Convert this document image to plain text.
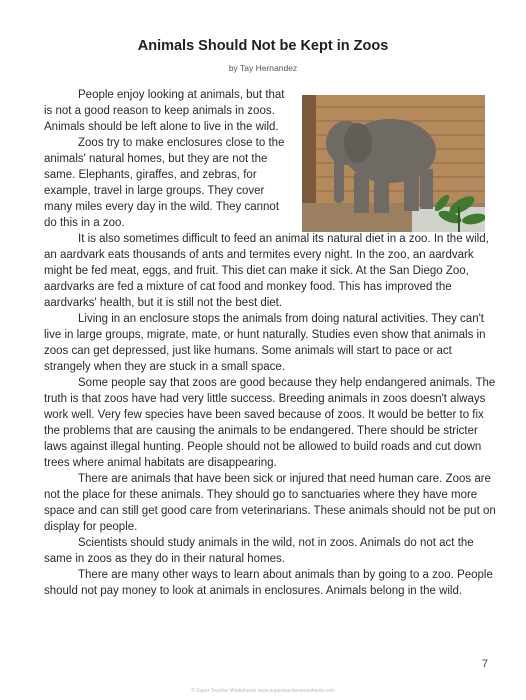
Animals Should Not be Kept in Zoos
by Tay Hernandez

People enjoy looking at animals, but that is not a good reason to keep animals in zoos. Animals should be left alone to live in the wild.

Zoos try to make enclosures close to the animals' natural homes, but they are not the same. Elephants, giraffes, and zebras, for example, travel in large groups. They cover many miles every day in the wild. They cannot do this in a zoo.

It is also sometimes difficult to feed an animal its natural diet in a zoo. In the wild, an aardvark eats thousands of ants and termites every night. In the zoo, an aardvark might be fed meat, eggs, and fruit. This diet can make it sick. At the San Diego Zoo, aardvarks are fed a mixture of cat food and monkey food. This has improved the aardvarks' health, but it is still not the best diet.

Living in an enclosure stops the animals from doing natural activities. They can't live in large groups, migrate, mate, or hunt naturally. Studies even show that animals in zoos can get depressed, just like humans. Some animals will start to pace or act strangely when they are stuck in a small space.

Some people say that zoos are good because they help endangered animals. The truth is that zoos have had very little success. Breeding animals in zoos doesn't always work well. Very few species have been saved because of zoos. It would be better to fix the problems that are causing the animals to be endangered. There should be stricter laws against illegal hunting. People should not be allowed to build roads and cut down trees where animal habitats are disappearing.

There are animals that have been sick or injured that need human care. Zoos are not the place for these animals. They should go to sanctuaries where they have more space and can still get good care from veterinarians. These animals should not be put on display for people.

Scientists should study animals in the wild, not in zoos. Animals do not act the same in zoos as they do in their natural homes.

There are many other ways to learn about animals than by going to a zoo. People should not pay money to look at animals in enclosures. Animals belong in the wild.

7
© Super Teacher Worksheets www.superteacherworksheets.com
